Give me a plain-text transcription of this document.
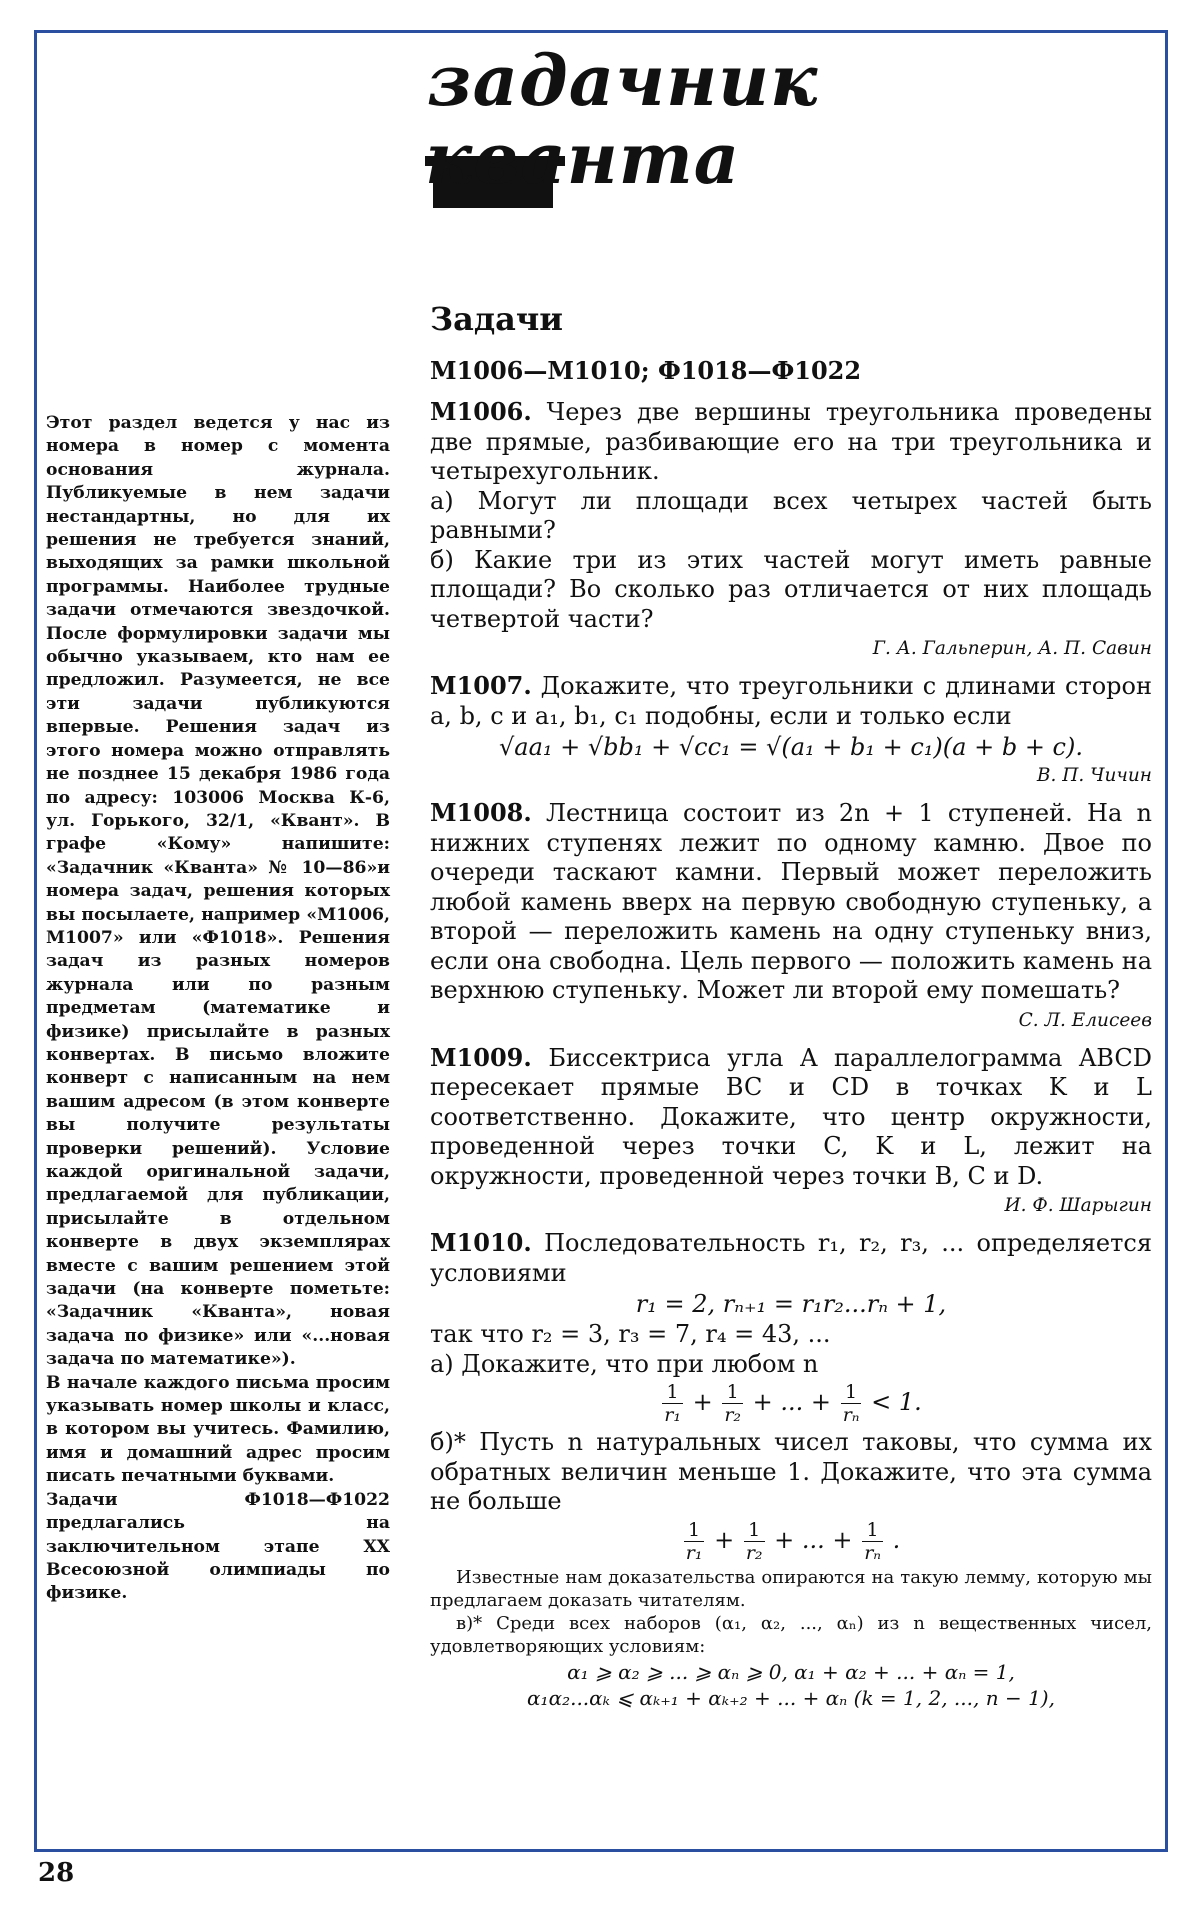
задачник
кванта

Этот раздел ведется у нас из номера в номер с момента основания журнала. Публикуемые в нем задачи нестандартны, но для их решения не требуется знаний, выходящих за рамки школьной программы. Наиболее трудные задачи отмечаются звездочкой. После формулировки задачи мы обычно указываем, кто нам ее предложил. Разумеется, не все эти задачи публикуются впервые. Решения задач из этого номера можно отправлять не позднее 15 декабря 1986 года по адресу: 103006 Москва К-6, ул. Горького, 32/1, «Квант». В графе «Кому» напишите: «Задачник «Кванта» № 10—86»и номера задач, решения которых вы посылаете, например «М1006, М1007» или «Ф1018». Решения задач из разных номеров журнала или по разным предметам (математике и физике) присылайте в разных конвертах. В письмо вложите конверт с написанным на нем вашим адресом (в этом конверте вы получите результаты проверки решений). Условие каждой оригинальной задачи, предлагаемой для публикации, присылайте в отдельном конверте в двух экземплярах вместе с вашим решением этой задачи (на конверте пометьте: «Задачник «Кванта», новая задача по физике» или «...новая задача по математике»).

В начале каждого письма просим указывать номер школы и класс, в котором вы учитесь. Фамилию, имя и домашний адрес просим писать печатными буквами.

Задачи Ф1018—Ф1022 предлагались на заключительном этапе XX Всесоюзной олимпиады по физике.

Задачи
М1006—М1010; Ф1018—Ф1022

М1006. Через две вершины треугольника проведены две прямые, разбивающие его на три треугольника и четырехугольник.

а) Могут ли площади всех четырех частей быть равными?

б) Какие три из этих частей могут иметь равные площади? Во сколько раз отличается от них площадь четвертой части?

Г. А. Гальперин, А. П. Савин

М1007. Докажите, что треугольники с длинами сторон a, b, c и a₁, b₁, c₁ подобны, если и только если

√aa₁ + √bb₁ + √cc₁ = √(a₁ + b₁ + c₁)(a + b + c).
В. П. Чичин

М1008. Лестница состоит из 2n + 1 ступеней. На n нижних ступенях лежит по одному камню. Двое по очереди таскают камни. Первый может переложить любой камень вверх на первую свободную ступеньку, а второй — переложить камень на одну ступеньку вниз, если она свободна. Цель первого — положить камень на верхнюю ступеньку. Может ли второй ему помешать?

С. Л. Елисеев

М1009. Биссектриса угла A параллелограмма ABCD пересекает прямые BC и CD в точках K и L соответственно. Докажите, что центр окружности, проведенной через точки C, K и L, лежит на окружности, проведенной через точки B, C и D.

И. Ф. Шарыгин

М1010. Последовательность r₁, r₂, r₃, ... определяется условиями

r₁ = 2, rₙ₊₁ = r₁r₂...rₙ + 1,

так что r₂ = 3, r₃ = 7, r₄ = 43, ...

а) Докажите, что при любом n

$\frac{1}{\text{r₁}} + \frac{1}{\text{r₂}}$ + ... + $\frac{1}{\text{rₙ}} < 1$.

б)* Пусть n натуральных чисел таковы, что сумма их обратных величин меньше 1. Докажите, что эта сумма не больше

$\frac{1}{\text{r₁}} + \frac{1}{\text{r₂}}$ + ... + $\frac{1}{\text{rₙ}}$ .

Известные нам доказательства опираются на такую лемму, которую мы предлагаем доказать читателям.

в)* Среди всех наборов (α₁, α₂, ..., αₙ) из n вещественных чисел, удовлетворяющих условиям:

α₁ ⩾ α₂ ⩾ ... ⩾ αₙ ⩾ 0, α₁ + α₂ + ... + αₙ = 1,
α₁α₂...αₖ ⩽ αₖ₊₁ + αₖ₊₂ + ... + αₙ (k = 1, 2, ..., n − 1),
28
